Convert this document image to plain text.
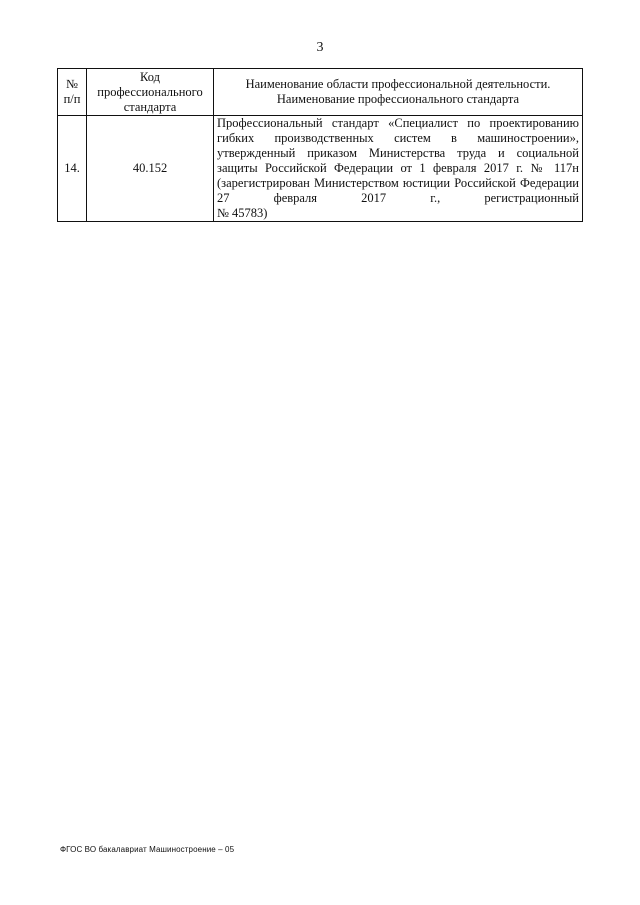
3
№ п/п	Код профессионального стандарта	Наименование области профессиональной деятельности.
Наименование профессионального стандарта
14.	40.152	Профессиональный стандарт «Специалист по проектированию гибких производственных систем в машиностроении», утвержденный приказом Министерства труда и социальной защиты Российской Федерации от 1 февраля 2017 г. № 117н (зарегистрирован Министерством юстиции Российской Федерации 27 февраля 2017 г., регистрационный
№ 45783)
ФГОС ВО бакалавриат Машиностроение – 05
